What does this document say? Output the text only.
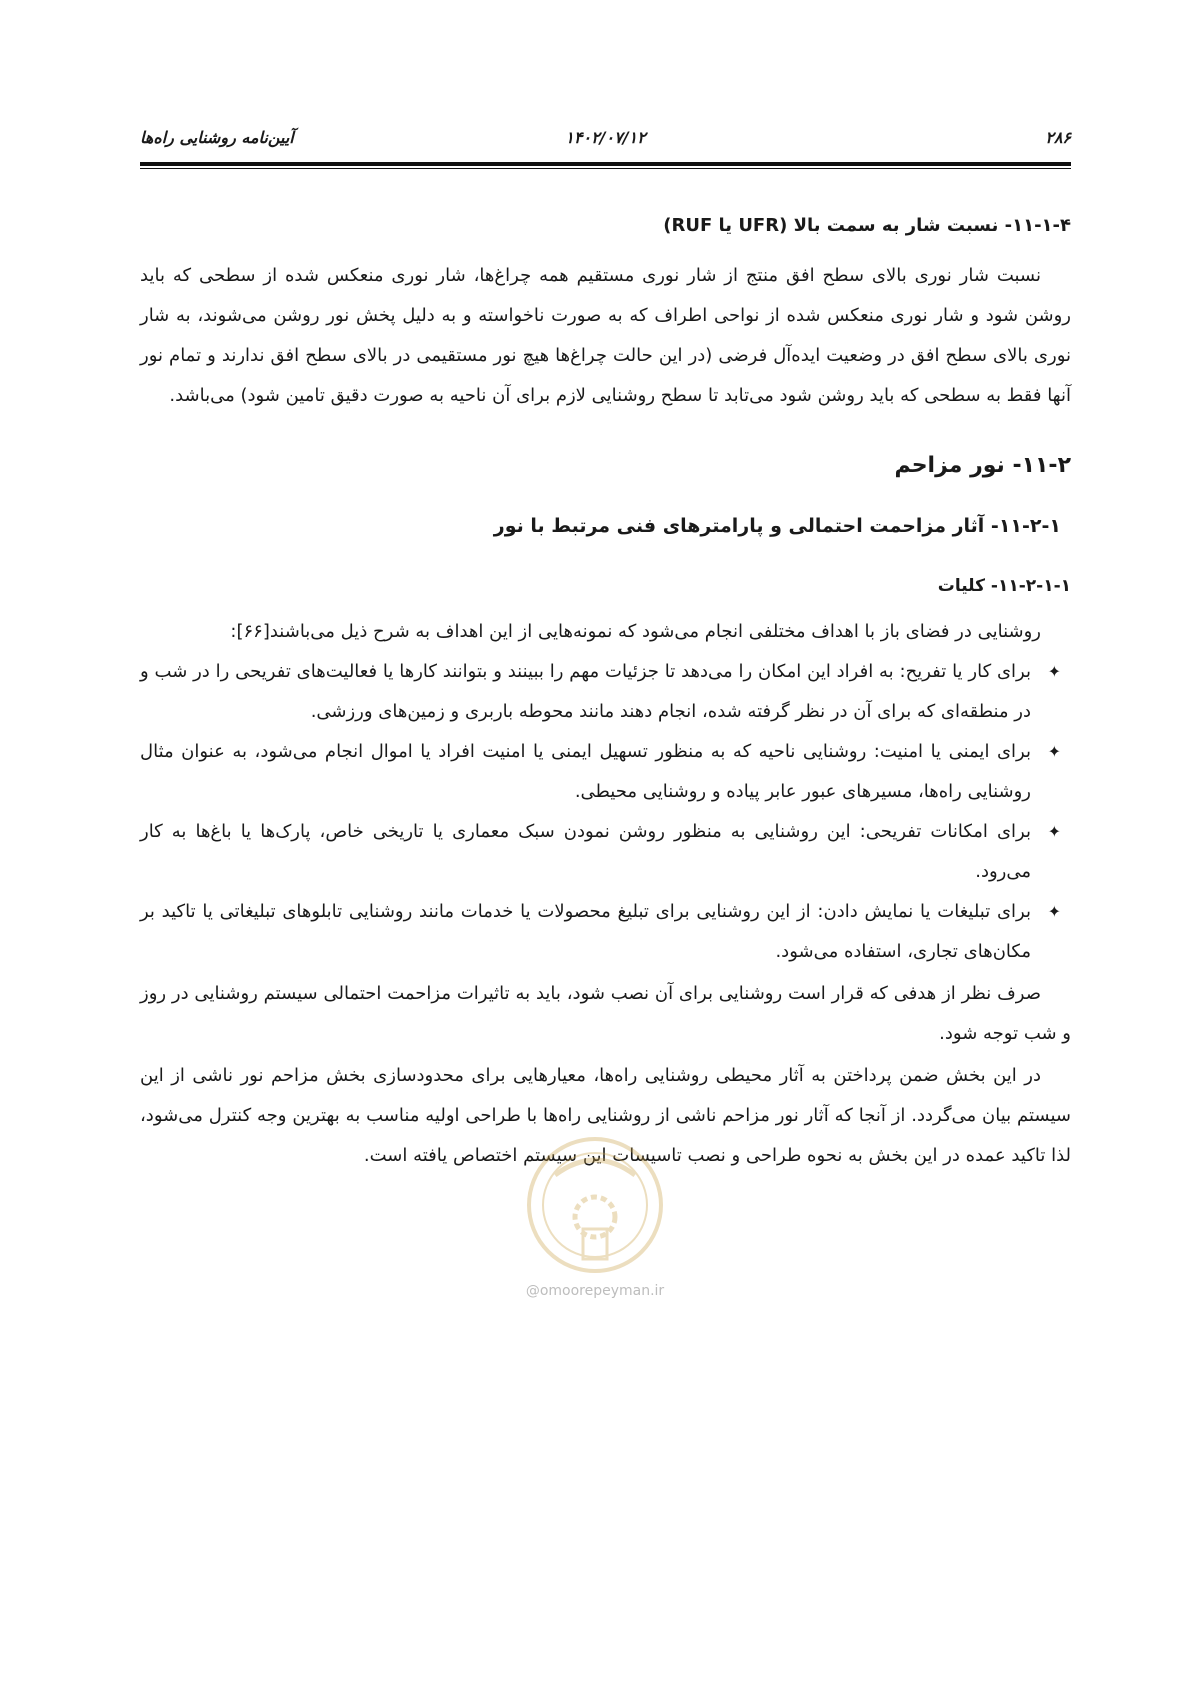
۲۸۶
۱۴۰۲/۰۷/۱۲
آیین‌نامه روشنایی راه‌ها
۱۱-۱-۴- نسبت شار به سمت بالا (UFR یا RUF)

نسبت شار نوری بالای سطح افق منتج از شار نوری مستقیم همه چراغ‌ها، شار نوری منعکس شده از سطحی که باید روشن شود و شار نوری منعکس شده از نواحی اطراف که به صورت ناخواسته و به دلیل پخش نور روشن می‌شوند، به شار نوری بالای سطح افق در وضعیت ایده‌آل فرضی (در این حالت چراغ‌ها هیچ نور مستقیمی در بالای سطح افق ندارند و تمام نور آنها فقط به سطحی که باید روشن شود می‌تابد تا سطح روشنایی لازم برای آن ناحیه به صورت دقیق تامین شود) می‌باشد.

۱۱-۲- نور مزاحم
۱۱-۲-۱- آثار مزاحمت احتمالی و پارامترهای فنی مرتبط با نور
۱۱-۲-۱-۱- کلیات

روشنایی در فضای باز با اهداف مختلفی انجام می‌شود که نمونه‌هایی از این اهداف به شرح ذیل می‌باشند[۶۶]:

✦
برای کار یا تفریح: به افراد این امکان را می‌دهد تا جزئیات مهم را ببینند و بتوانند کارها یا فعالیت‌های تفریحی را در شب و در منطقه‌ای که برای آن در نظر گرفته شده، انجام دهند مانند محوطه باربری و زمین‌های ورزشی.
✦
برای ایمنی یا امنیت: روشنایی ناحیه که به منظور تسهیل ایمنی یا امنیت افراد یا اموال انجام می‌شود، به عنوان مثال روشنایی راه‌ها، مسیرهای عبور عابر پیاده و روشنایی محیطی.
✦
برای امکانات تفریحی: این روشنایی به منظور روشن نمودن سبک معماری یا تاریخی خاص، پارک‌ها یا باغ‌ها به کار می‌رود.
✦
برای تبلیغات یا نمایش دادن: از این روشنایی برای تبلیغ محصولات یا خدمات مانند روشنایی تابلوهای تبلیغاتی یا تاکید بر مکان‌های تجاری، استفاده می‌شود.

صرف نظر از هدفی که قرار است روشنایی برای آن نصب شود، باید به تاثیرات مزاحمت احتمالی سیستم روشنایی در روز و شب توجه شود.

در این بخش ضمن پرداختن به آثار محیطی روشنایی راه‌ها، معیارهایی برای محدودسازی بخش مزاحم نور ناشی از این سیستم بیان می‌گردد. از آنجا که آثار نور مزاحم ناشی از روشنایی راه‌ها با طراحی اولیه مناسب به بهترین وجه کنترل می‌شود، لذا تاکید عمده در این بخش به نحوه طراحی و نصب تاسیسات این سیستم اختصاص یافته است.

@omoorepeyman.ir
